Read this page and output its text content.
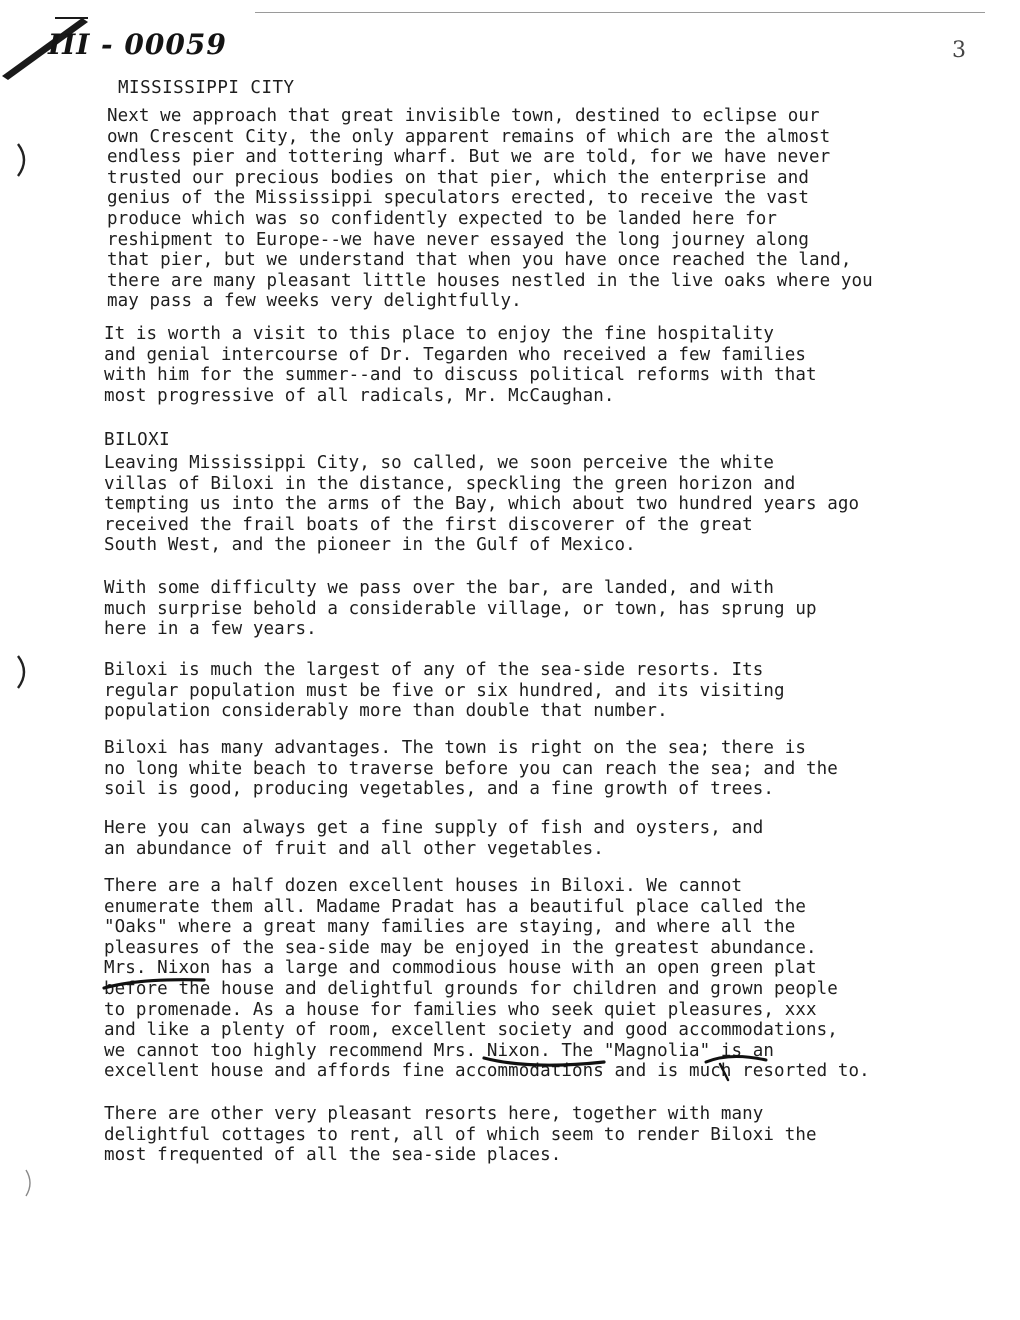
III - 00059	3
MISSISSIPPI CITY
Next we approach that great invisible town, destined to eclipse our
own Crescent City, the only apparent remains of which are the almost
endless pier and tottering wharf. But we are told, for we have never
trusted our precious bodies on that pier, which the enterprise and
genius of the Mississippi speculators erected, to receive the vast
produce which was so confidently expected to be landed here for
reshipment to Europe--we have never essayed the long journey along
that pier, but we understand that when you have once reached the land,
there are many pleasant little houses nestled in the live oaks where you
may pass a few weeks very delightfully.
It is worth a visit to this place to enjoy the fine hospitality
and genial intercourse of Dr. Tegarden who received a few families
with him for the summer--and to discuss political reforms with that
most progressive of all radicals, Mr. McCaughan.
BILOXI
Leaving Mississippi City, so called, we soon perceive the white
villas of Biloxi in the distance, speckling the green horizon and
tempting us into the arms of the Bay, which about two hundred years ago
received the frail boats of the first discoverer of the great
South West, and the pioneer in the Gulf of Mexico.
With some difficulty we pass over the bar, are landed, and with
much surprise behold a considerable village, or town, has sprung up
here in a few years.
Biloxi is much the largest of any of the sea-side resorts. Its
regular population must be five or six hundred, and its visiting
population considerably more than double that number.
Biloxi has many advantages. The town is right on the sea; there is
no long white beach to traverse before you can reach the sea; and the
soil is good, producing vegetables, and a fine growth of trees.
Here you can always get a fine supply of fish and oysters, and
an abundance of fruit and all other vegetables.
There are a half dozen excellent houses in Biloxi. We cannot
enumerate them all. Madame Pradat has a beautiful place called the
"Oaks" where a great many families are staying, and where all the
pleasures of the sea-side may be enjoyed in the greatest abundance.
Mrs. Nixon has a large and commodious house with an open green plat
before the house and delightful grounds for children and grown people
to promenade. As a house for families who seek quiet pleasures, xxx
and like a plenty of room, excellent society and good accommodations,
we cannot too highly recommend Mrs. Nixon. The "Magnolia" is an
excellent house and affords fine accommodations and is much resorted to.
There are other very pleasant resorts here, together with many
delightful cottages to rent, all of which seem to render Biloxi the
most frequented of all the sea-side places.
